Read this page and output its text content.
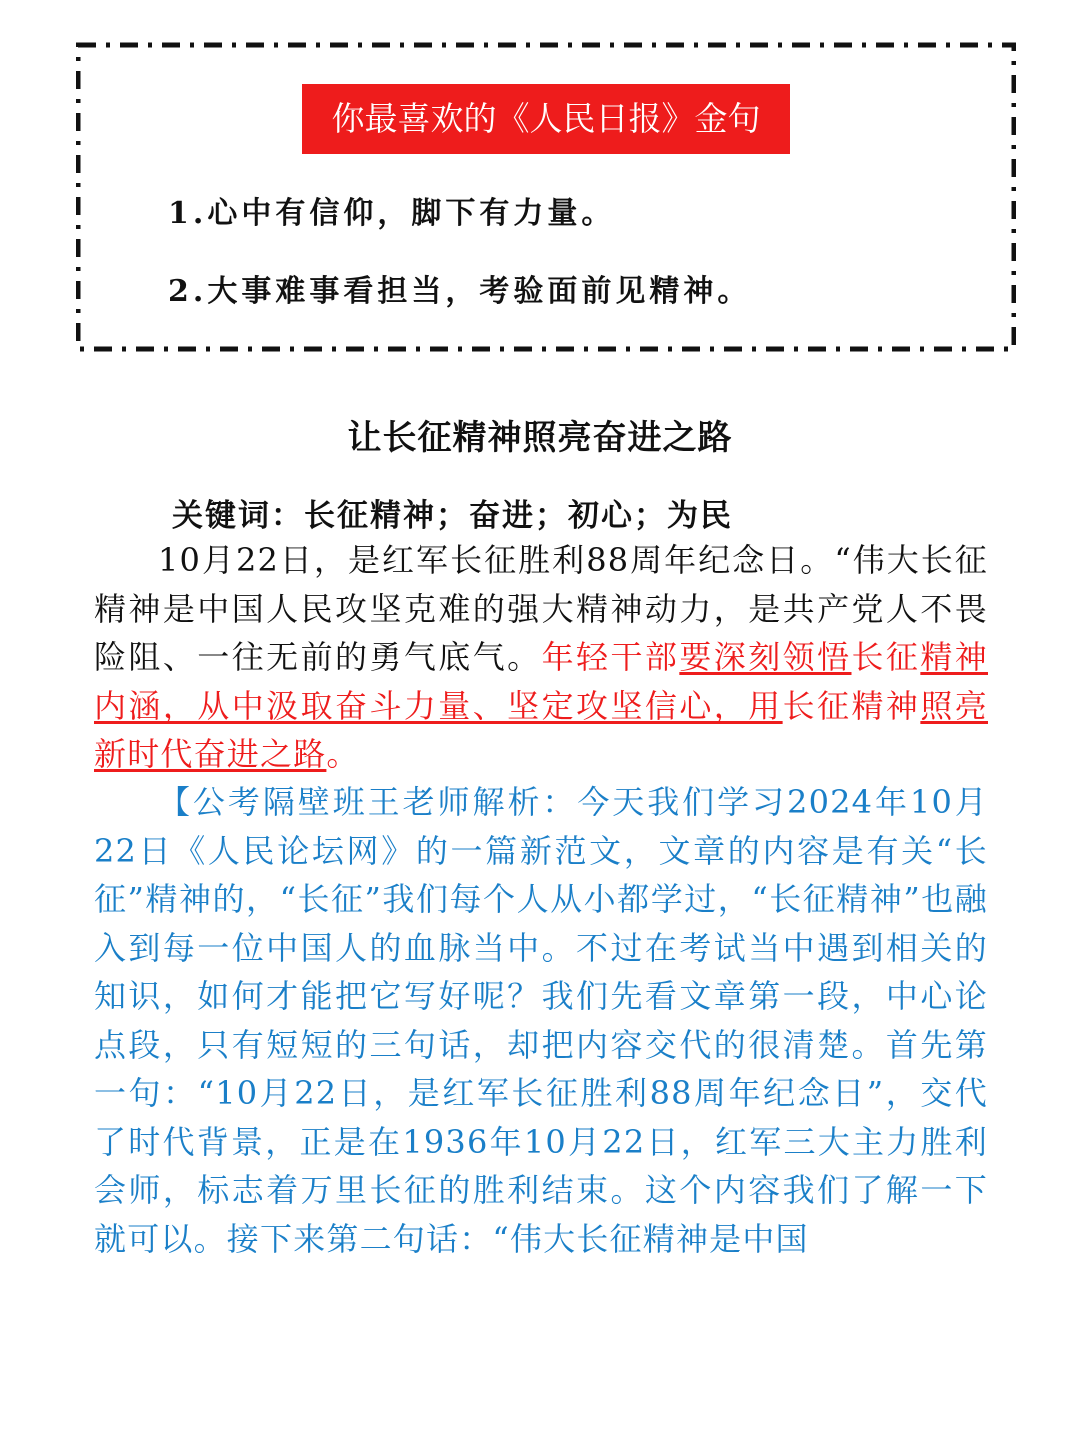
你最喜欢的《人民日报》金句
1.心中有信仰，脚下有力量。
2.大事难事看担当，考验面前见精神。
让长征精神照亮奋进之路
关键词：长征精神；奋进；初心；为民

10月22日，是红军长征胜利88周年纪念日。“伟大长征精神是中国人民攻坚克难的强大精神动力，是共产党人不畏险阻、一往无前的勇气底气。年轻干部要深刻领悟长征精神内涵，从中汲取奋斗力量、坚定攻坚信心，用长征精神照亮新时代奋进之路。

【公考隔壁班王老师解析：今天我们学习2024年10月22日《人民论坛网》的一篇新范文，文章的内容是有关“长征”精神的，“长征”我们每个人从小都学过，“长征精神”也融入到每一位中国人的血脉当中。不过在考试当中遇到相关的知识，如何才能把它写好呢？我们先看文章第一段，中心论点段，只有短短的三句话，却把内容交代的很清楚。首先第一句：“10月22日，是红军长征胜利88周年纪念日”，交代了时代背景，正是在1936年10月22日，红军三大主力胜利会师，标志着万里长征的胜利结束。这个内容我们了解一下就可以。接下来第二句话：“伟大长征精神是中国
